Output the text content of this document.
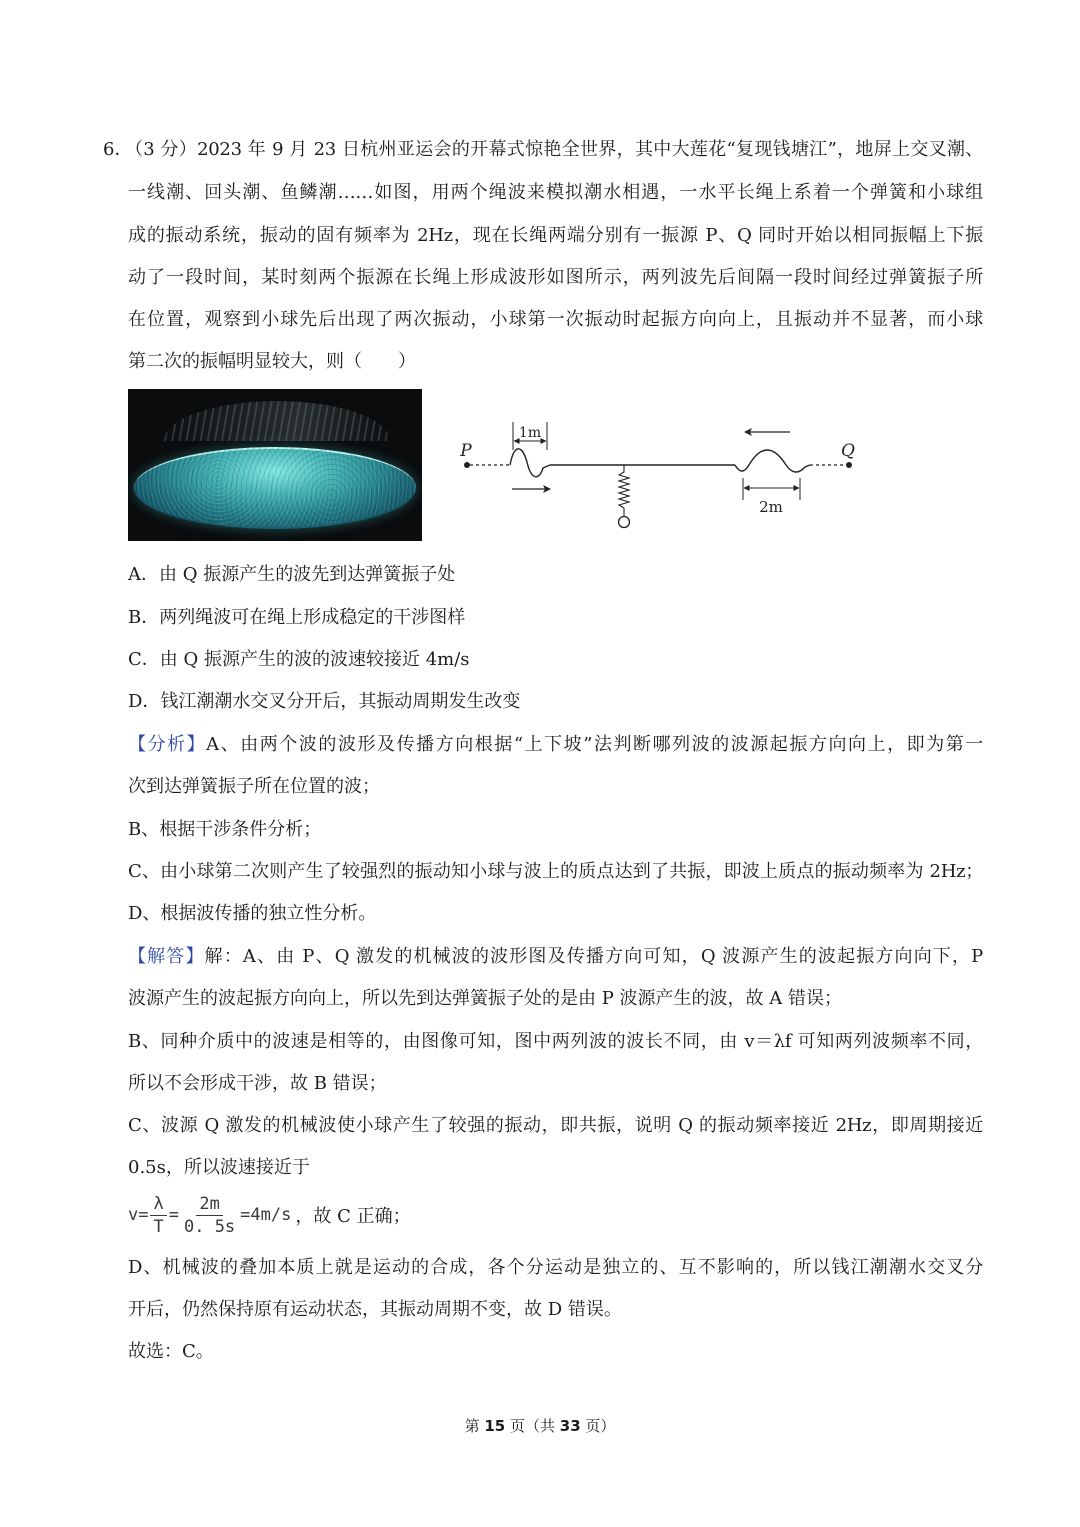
6．
（3 分）2023 年 9 月 23 日杭州亚运会的开幕式惊艳全世界，其中大莲花“复现钱塘江”，地屏上交叉潮、
一线潮、回头潮、鱼鳞潮……如图，用两个绳波来模拟潮水相遇，一水平长绳上系着一个弹簧和小球组
成的振动系统，振动的固有频率为 2Hz，现在长绳两端分别有一振源 P、Q 同时开始以相同振幅上下振
动了一段时间，某时刻两个振源在长绳上形成波形如图所示，两列波先后间隔一段时间经过弹簧振子所
在位置，观察到小球先后出现了两次振动，小球第一次振动时起振方向向上，且振动并不显著，而小球
第二次的振幅明显较大，则（　　）
P
1m
2m
Q
A．由 Q 振源产生的波先到达弹簧振子处
B．两列绳波可在绳上形成稳定的干涉图样
C．由 Q 振源产生的波的波速较接近 4m/s
D．钱江潮潮水交叉分开后，其振动周期发生改变
【分析】A、由两个波的波形及传播方向根据“上下坡”法判断哪列波的波源起振方向向上，即为第一
次到达弹簧振子所在位置的波；
B、根据干涉条件分析；
C、由小球第二次则产生了较强烈的振动知小球与波上的质点达到了共振，即波上质点的振动频率为 2Hz；
D、根据波传播的独立性分析。
【解答】解：A、由 P、Q 激发的机械波的波形图及传播方向可知，Q 波源产生的波起振方向向下，P
波源产生的波起振方向向上，所以先到达弹簧振子处的是由 P 波源产生的波，故 A 错误；
B、同种介质中的波速是相等的，由图像可知，图中两列波的波长不同，由 v＝λf 可知两列波频率不同，
所以不会形成干涉，故 B 错误；
C、波源 Q 激发的机械波使小球产生了较强的振动，即共振，说明 Q 的振动频率接近 2Hz，即周期接近
0.5s，所以波速接近于
$v= \frac{\lambda}{T} = \frac{2m}{0. 5s} =4m/s$ ，故 C 正确；
D、机械波的叠加本质上就是运动的合成，各个分运动是独立的、互不影响的，所以钱江潮潮水交叉分
开后，仍然保持原有运动状态，其振动周期不变，故 D 错误。
故选：C。
第 15 页（共 33 页）
